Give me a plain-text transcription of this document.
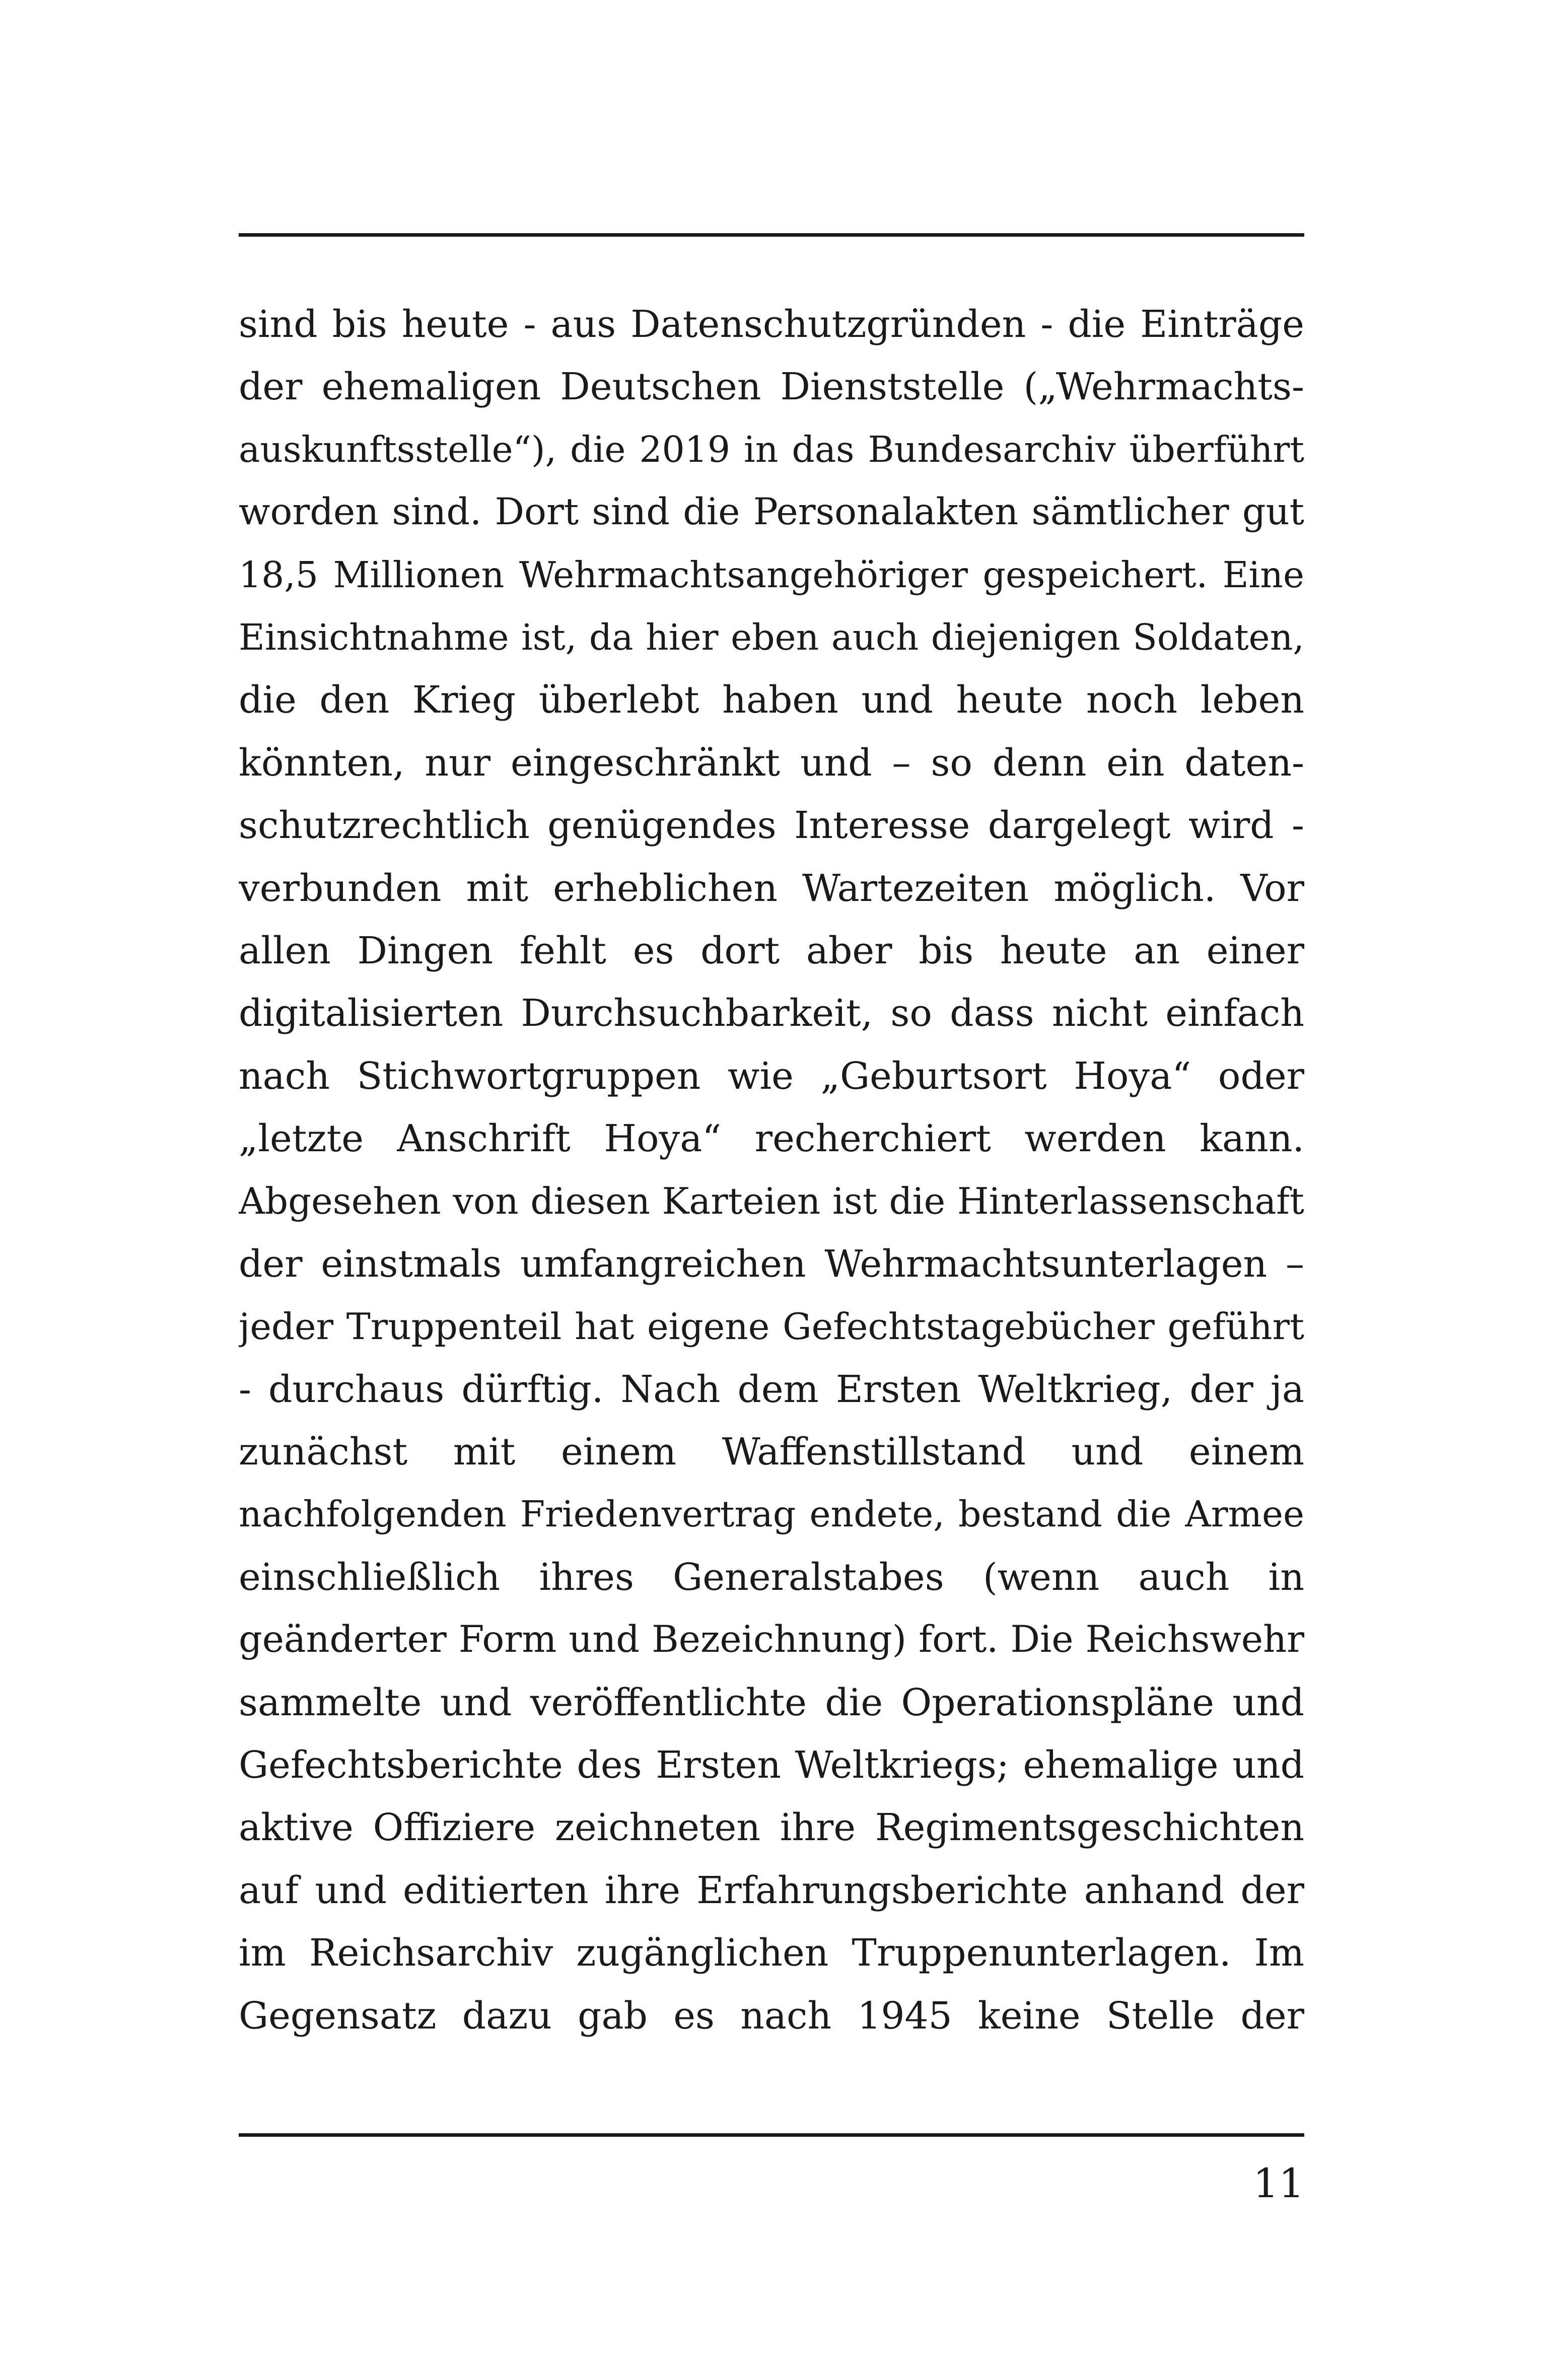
sind bis heute - aus Datenschutzgründen - die Einträge
der ehemaligen Deutschen Dienststelle („Wehrmachts-
auskunftsstelle“), die 2019 in das Bundesarchiv überführt
worden sind. Dort sind die Personalakten sämtlicher gut
18,5 Millionen Wehrmachtsangehöriger gespeichert. Eine
Einsichtnahme ist, da hier eben auch diejenigen Soldaten,
die den Krieg überlebt haben und heute noch leben
könnten, nur eingeschränkt und – so denn ein daten-
schutzrechtlich genügendes Interesse dargelegt wird -
verbunden mit erheblichen Wartezeiten möglich. Vor
allen Dingen fehlt es dort aber bis heute an einer
digitalisierten Durchsuchbarkeit, so dass nicht einfach
nach Stichwortgruppen wie „Geburtsort Hoya“ oder
„letzte Anschrift Hoya“ recherchiert werden kann.
Abgesehen von diesen Karteien ist die Hinterlassenschaft
der einstmals umfangreichen Wehrmachtsunterlagen –
jeder Truppenteil hat eigene Gefechtstagebücher geführt
- durchaus dürftig. Nach dem Ersten Weltkrieg, der ja
zunächst mit einem Waffenstillstand und einem
nachfolgenden Friedenvertrag endete, bestand die Armee
einschließlich ihres Generalstabes (wenn auch in
geänderter Form und Bezeichnung) fort. Die Reichswehr
sammelte und veröffentlichte die Operationspläne und
Gefechtsberichte des Ersten Weltkriegs; ehemalige und
aktive Offiziere zeichneten ihre Regimentsgeschichten
auf und editierten ihre Erfahrungsberichte anhand der
im Reichsarchiv zugänglichen Truppenunterlagen. Im
Gegensatz dazu gab es nach 1945 keine Stelle der
11
